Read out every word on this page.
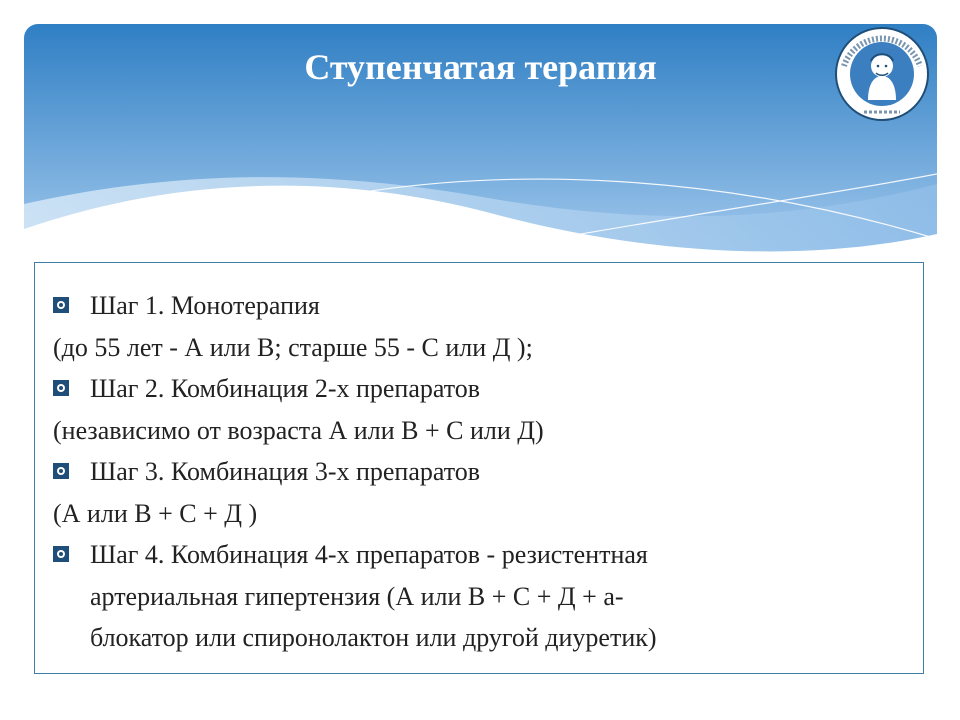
Ступенчатая терапия
Шаг 1. Монотерапия
(до 55 лет - А или В; старше 55 - С или Д );
Шаг 2. Комбинация 2-х препаратов
(независимо от возраста А или В + С или Д)
Шаг 3. Комбинация 3-х препаратов
(А или В + С + Д )
Шаг 4. Комбинация 4-х препаратов - резистентная
артериальная гипертензия (А или В + С + Д + а-
блокатор или спиронолактон или другой диуретик)
